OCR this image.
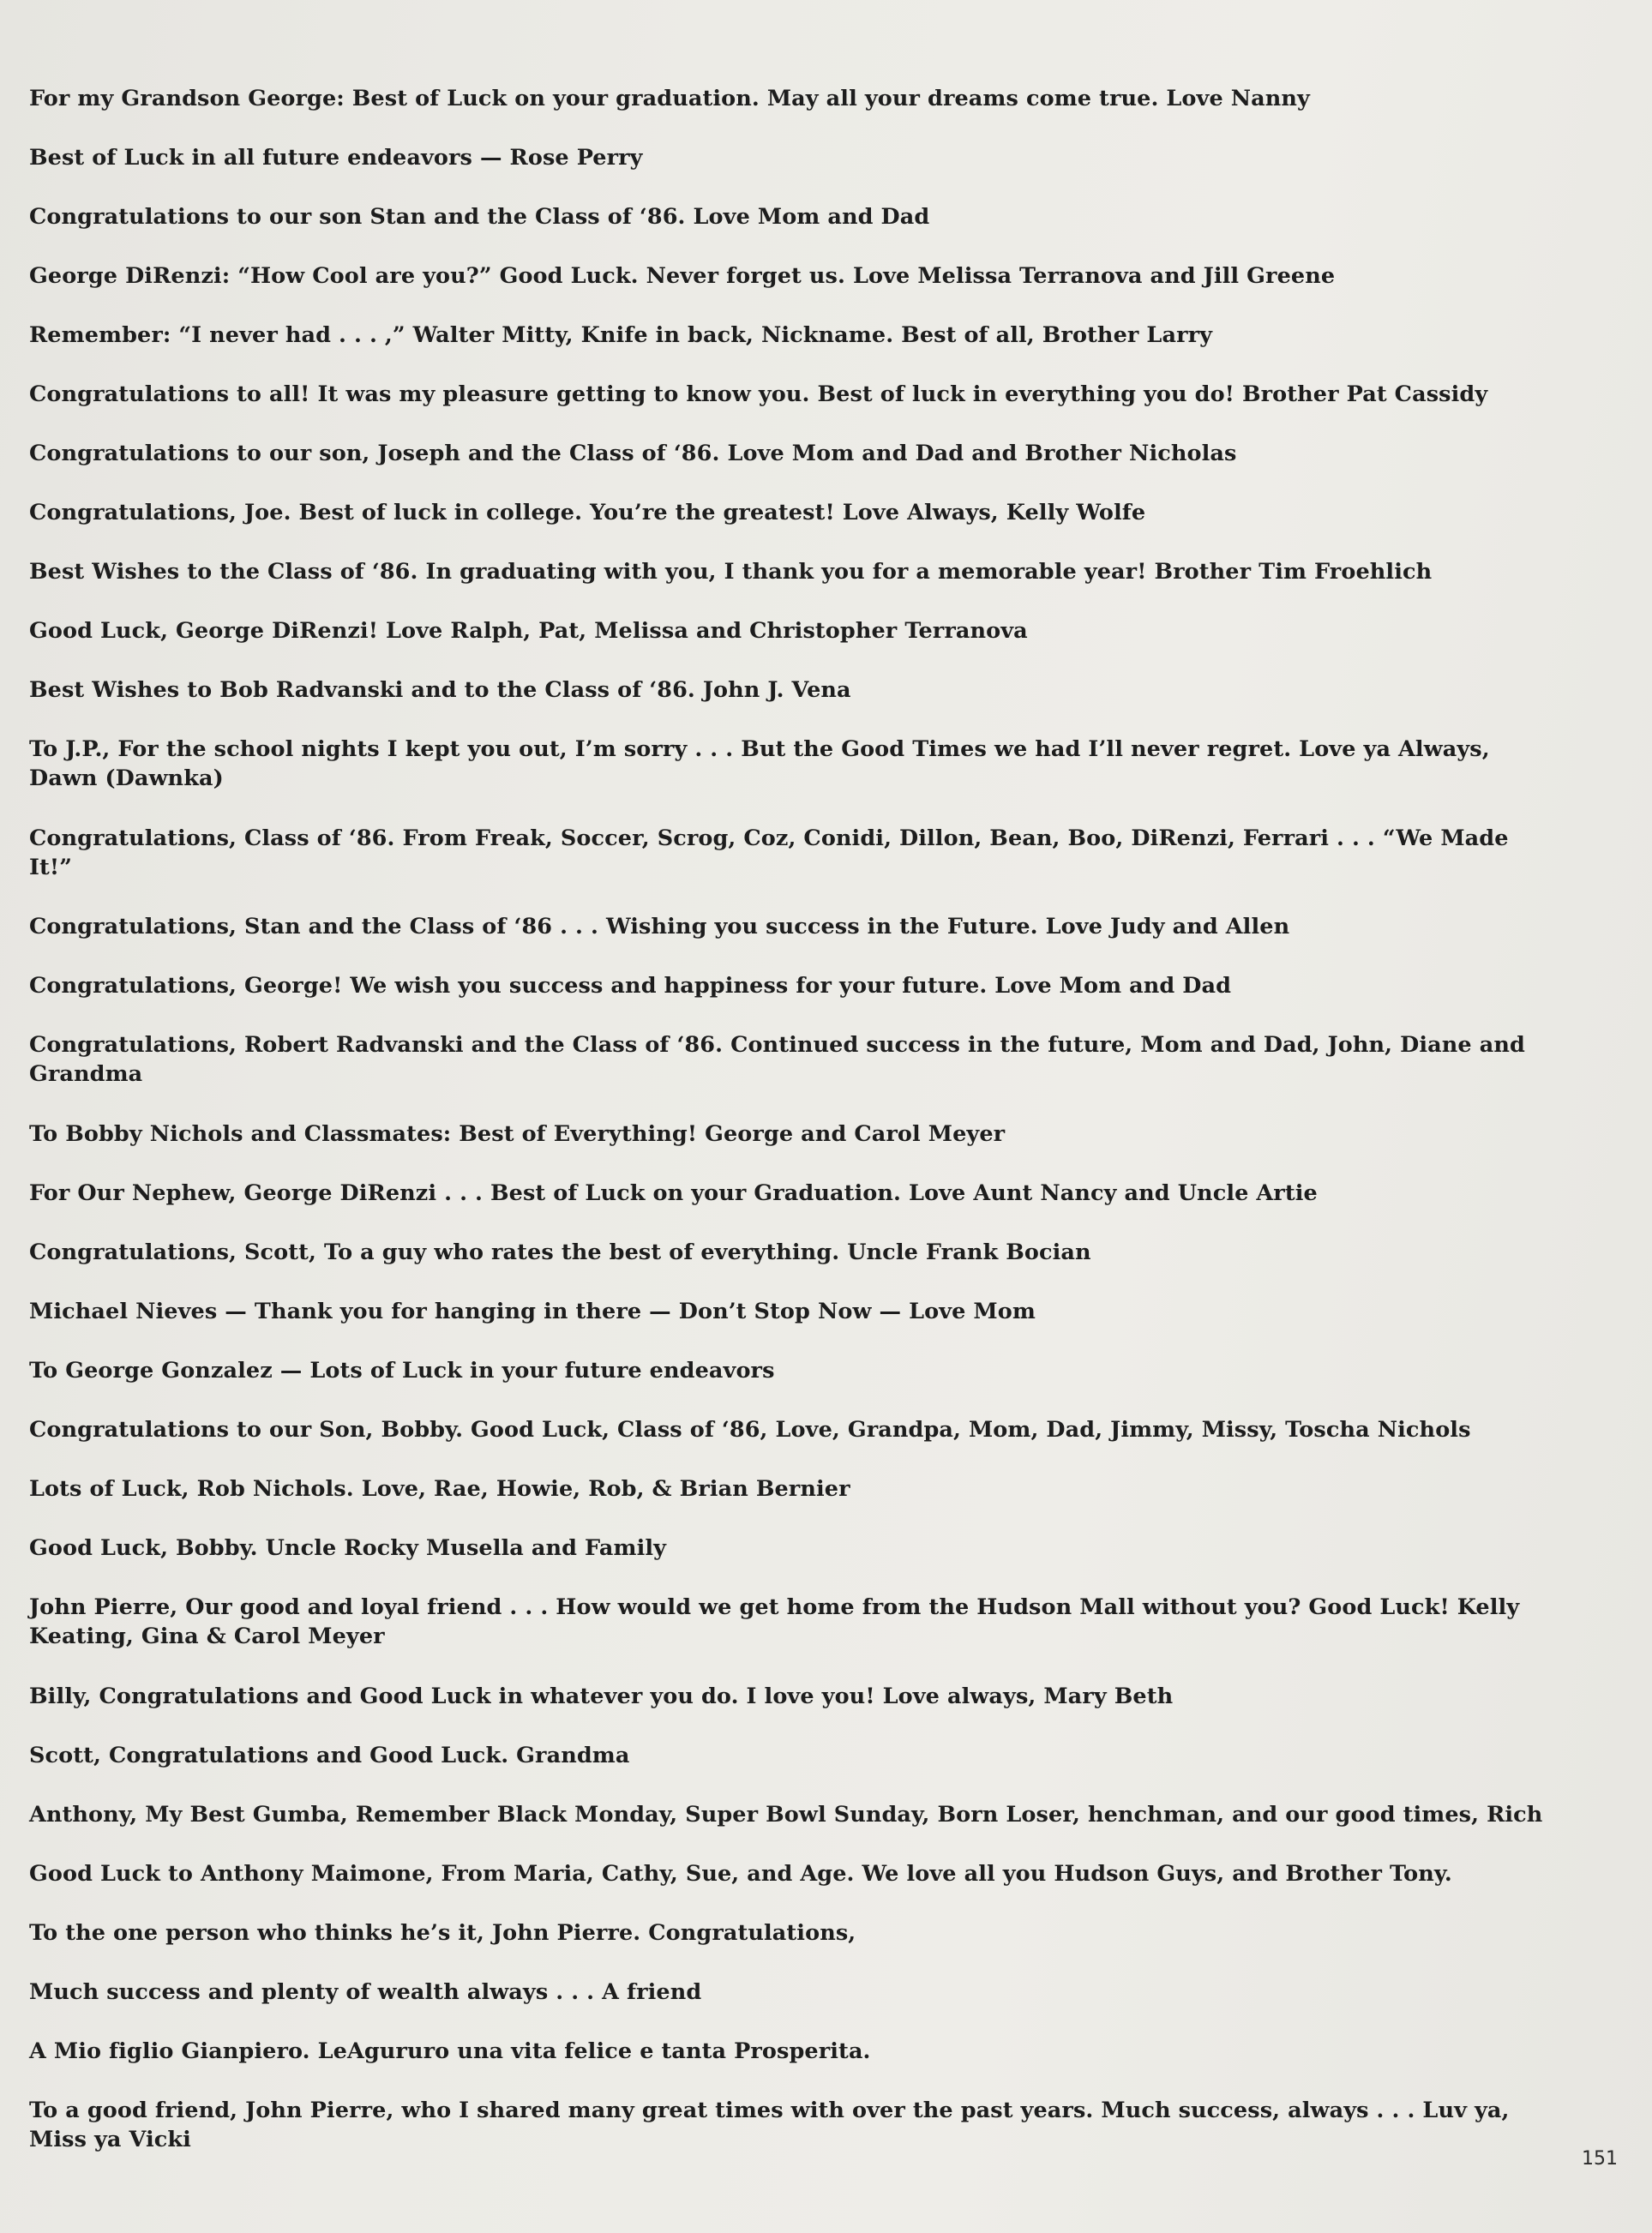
For my Grandson George: Best of Luck on your graduation. May all your dreams come true. Love Nanny
Best of Luck in all future endeavors — Rose Perry
Congratulations to our son Stan and the Class of ‘86. Love Mom and Dad
George DiRenzi: “How Cool are you?” Good Luck. Never forget us. Love Melissa Terranova and Jill Greene
Remember: “I never had . . . ,” Walter Mitty, Knife in back, Nickname. Best of all, Brother Larry
Congratulations to all! It was my pleasure getting to know you. Best of luck in everything you do! Brother Pat Cassidy
Congratulations to our son, Joseph and the Class of ‘86. Love Mom and Dad and Brother Nicholas
Congratulations, Joe. Best of luck in college. You’re the greatest! Love Always, Kelly Wolfe
Best Wishes to the Class of ‘86. In graduating with you, I thank you for a memorable year! Brother Tim Froehlich
Good Luck, George DiRenzi! Love Ralph, Pat, Melissa and Christopher Terranova
Best Wishes to Bob Radvanski and to the Class of ‘86. John J. Vena
To J.P., For the school nights I kept you out, I’m sorry . . . But the Good Times we had I’ll never regret. Love ya Always, Dawn (Dawnka)
Congratulations, Class of ‘86. From Freak, Soccer, Scrog, Coz, Conidi, Dillon, Bean, Boo, DiRenzi, Ferrari . . . “We Made It!”
Congratulations, Stan and the Class of ‘86 . . . Wishing you success in the Future. Love Judy and Allen
Congratulations, George! We wish you success and happiness for your future. Love Mom and Dad
Congratulations, Robert Radvanski and the Class of ‘86. Continued success in the future, Mom and Dad, John, Diane and Grandma
To Bobby Nichols and Classmates: Best of Everything! George and Carol Meyer
For Our Nephew, George DiRenzi . . . Best of Luck on your Graduation. Love Aunt Nancy and Uncle Artie
Congratulations, Scott, To a guy who rates the best of everything. Uncle Frank Bocian
Michael Nieves — Thank you for hanging in there — Don’t Stop Now — Love Mom
To George Gonzalez — Lots of Luck in your future endeavors
Congratulations to our Son, Bobby. Good Luck, Class of ‘86, Love, Grandpa, Mom, Dad, Jimmy, Missy, Toscha Nichols
Lots of Luck, Rob Nichols. Love, Rae, Howie, Rob, & Brian Bernier
Good Luck, Bobby. Uncle Rocky Musella and Family
John Pierre, Our good and loyal friend . . . How would we get home from the Hudson Mall without you? Good Luck! Kelly Keating, Gina & Carol Meyer
Billy, Congratulations and Good Luck in whatever you do. I love you! Love always, Mary Beth
Scott, Congratulations and Good Luck. Grandma
Anthony, My Best Gumba, Remember Black Monday, Super Bowl Sunday, Born Loser, henchman, and our good times, Rich
Good Luck to Anthony Maimone, From Maria, Cathy, Sue, and Age. We love all you Hudson Guys, and Brother Tony.
To the one person who thinks he’s it, John Pierre. Congratulations,
Much success and plenty of wealth always . . . A friend
A Mio figlio Gianpiero. LeAgururo una vita felice e tanta Prosperita.
To a good friend, John Pierre, who I shared many great times with over the past years. Much success, always . . . Luv ya, Miss ya Vicki
151
